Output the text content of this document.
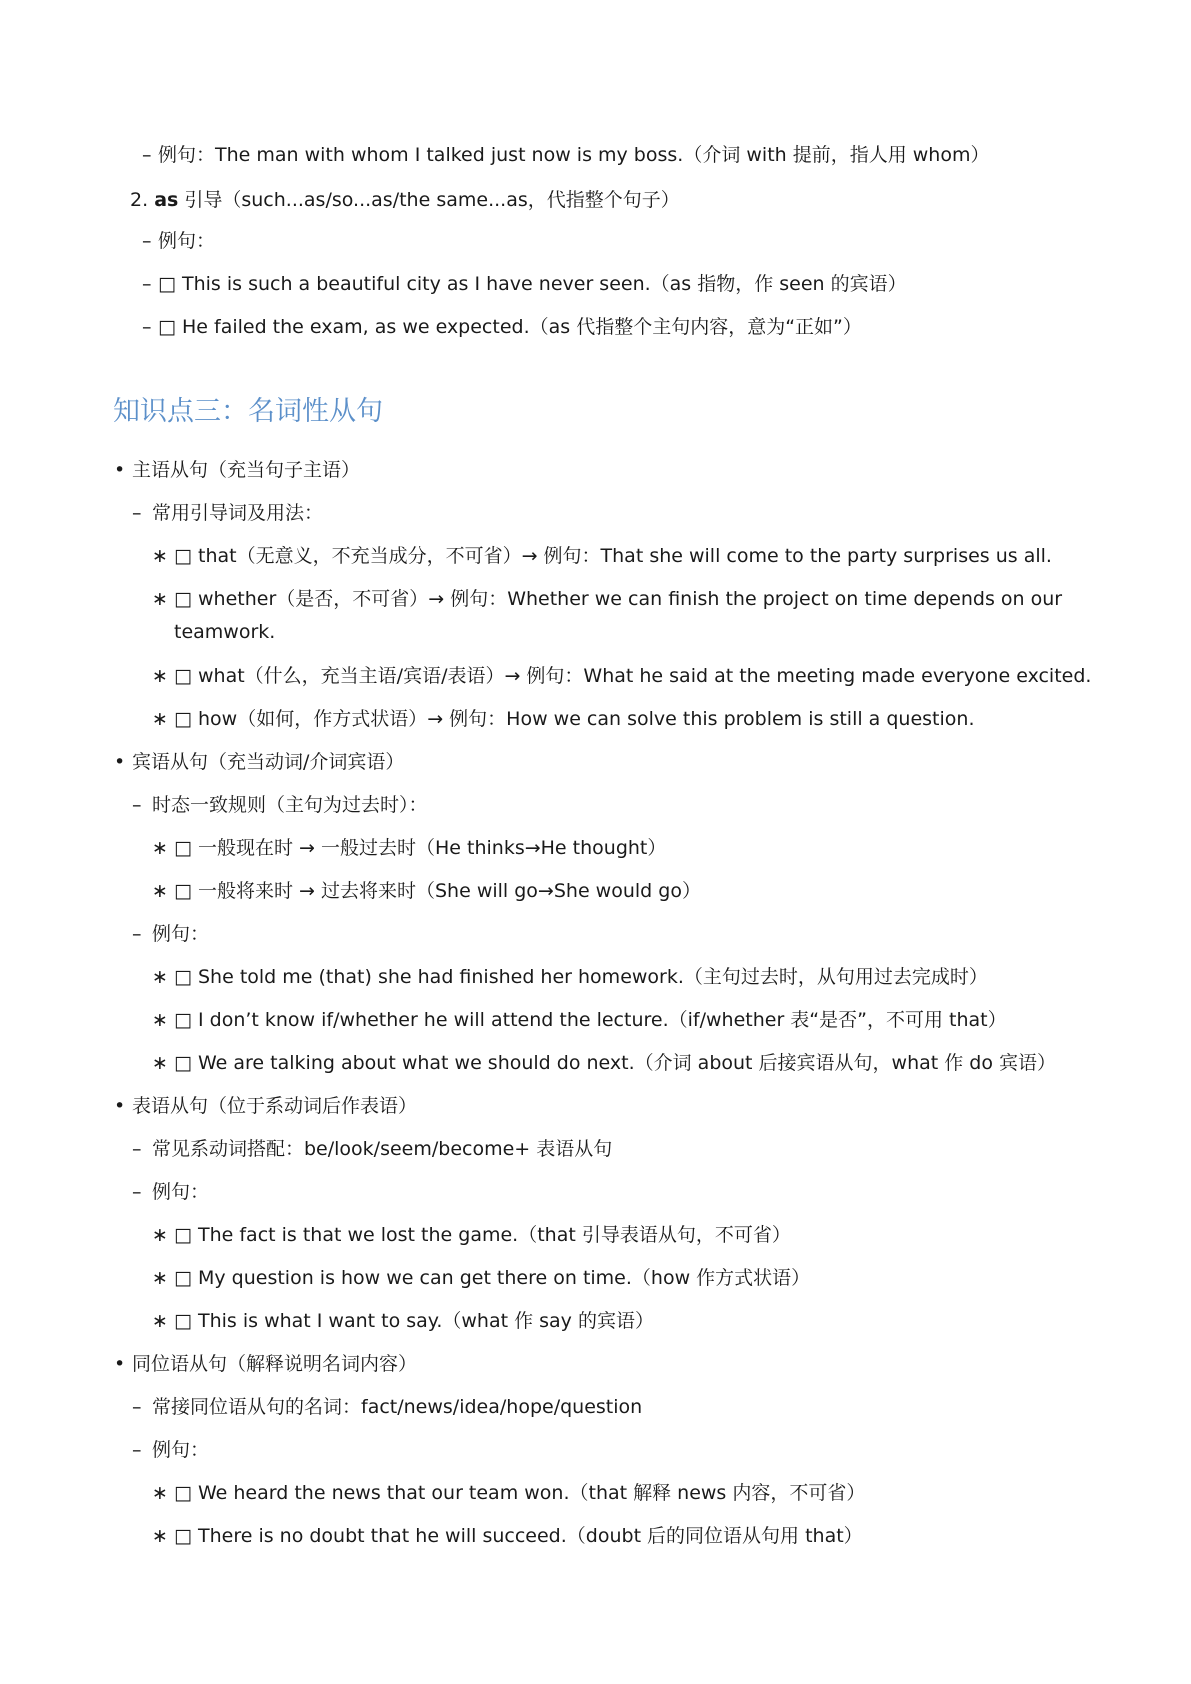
– 例句：The man with whom I talked just now is my boss.（介词 with 提前，指人用 whom）
2. as 引导（such...as/so...as/the same...as，代指整个句子）
– 例句：
– □ This is such a beautiful city as I have never seen.（as 指物，作 seen 的宾语）
– □ He failed the exam, as we expected.（as 代指整个主句内容，意为“正如”）
知识点三：名词性从句
• 主语从句（充当句子主语）
– 常用引导词及用法：
∗ □ that（无意义，不充当成分，不可省）→ 例句：That she will come to the party surprises us all.
∗ □ whether（是否，不可省）→ 例句：Whether we can finish the project on time depends on our
teamwork.
∗ □ what（什么，充当主语/宾语/表语）→ 例句：What he said at the meeting made everyone excited.
∗ □ how（如何，作方式状语）→ 例句：How we can solve this problem is still a question.
• 宾语从句（充当动词/介词宾语）
– 时态一致规则（主句为过去时）：
∗ □ 一般现在时 → 一般过去时（He thinks→He thought）
∗ □ 一般将来时 → 过去将来时（She will go→She would go）
– 例句：
∗ □ She told me (that) she had finished her homework.（主句过去时，从句用过去完成时）
∗ □ I don’t know if/whether he will attend the lecture.（if/whether 表“是否”，不可用 that）
∗ □ We are talking about what we should do next.（介词 about 后接宾语从句，what 作 do 宾语）
• 表语从句（位于系动词后作表语）
– 常见系动词搭配：be/look/seem/become+ 表语从句
– 例句：
∗ □ The fact is that we lost the game.（that 引导表语从句，不可省）
∗ □ My question is how we can get there on time.（how 作方式状语）
∗ □ This is what I want to say.（what 作 say 的宾语）
• 同位语从句（解释说明名词内容）
– 常接同位语从句的名词：fact/news/idea/hope/question
– 例句：
∗ □ We heard the news that our team won.（that 解释 news 内容，不可省）
∗ □ There is no doubt that he will succeed.（doubt 后的同位语从句用 that）
